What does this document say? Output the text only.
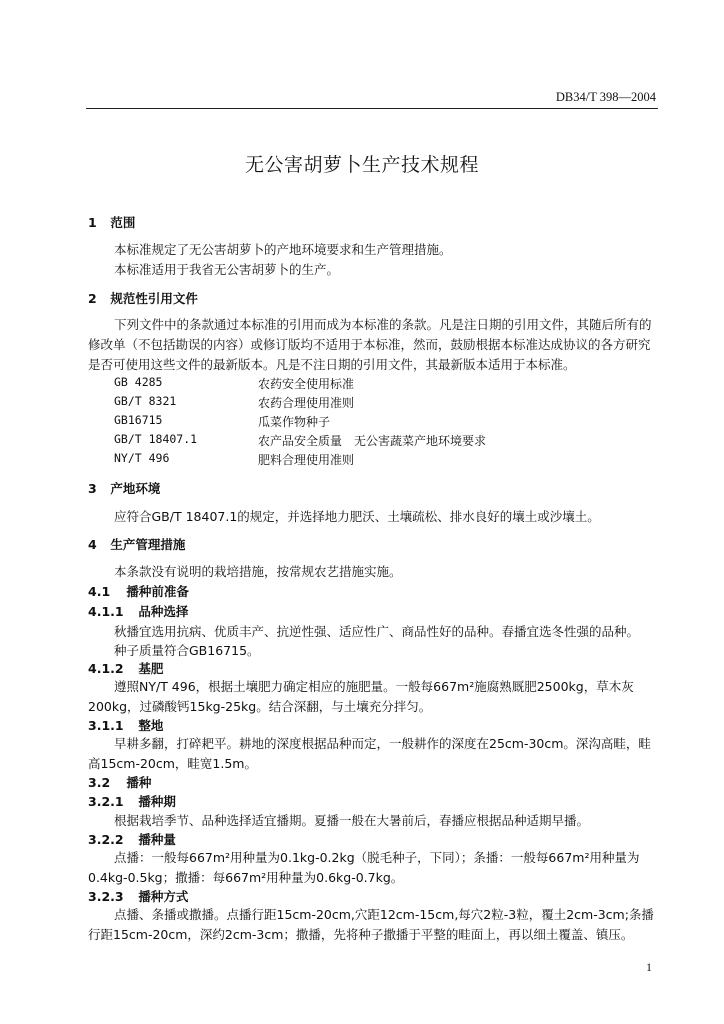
DB34/T 398—2004
无公害胡萝卜生产技术规程
1 范围
本标准规定了无公害胡萝卜的产地环境要求和生产管理措施。
本标准适用于我省无公害胡萝卜的生产。
2 规范性引用文件
下列文件中的条款通过本标准的引用而成为本标准的条款。凡是注日期的引用文件，其随后所有的修改单（不包括勘误的内容）或修订版均不适用于本标准，然而，鼓励根据本标准达成协议的各方研究是否可使用这些文件的最新版本。凡是不注日期的引用文件，其最新版本适用于本标准。
GB 4285	农药安全使用标准
GB/T 8321	农药合理使用准则
GB16715	瓜菜作物种子
GB/T 18407.1	农产品安全质量　无公害蔬菜产地环境要求
NY/T 496	肥料合理使用准则
3 产地环境
应符合GB/T 18407.1的规定，并选择地力肥沃、土壤疏松、排水良好的壤土或沙壤土。
4 生产管理措施
本条款没有说明的栽培措施，按常规农艺措施实施。
4.1 播种前准备
4.1.1 品种选择
秋播宜选用抗病、优质丰产、抗逆性强、适应性广、商品性好的品种。春播宜选冬性强的品种。
种子质量符合GB16715。
4.1.2 基肥
遵照NY/T 496，根据土壤肥力确定相应的施肥量。一般每667m²施腐熟厩肥2500kg，草木灰200kg，过磷酸钙15kg-25kg。结合深翻，与土壤充分拌匀。
3.1.1 整地
早耕多翻，打碎耙平。耕地的深度根据品种而定，一般耕作的深度在25cm-30cm。深沟高畦，畦高15cm-20cm，畦宽1.5m。
3.2 播种
3.2.1 播种期
根据栽培季节、品种选择适宜播期。夏播一般在大暑前后，春播应根据品种适期早播。
3.2.2 播种量
点播：一般每667m²用种量为0.1kg-0.2kg（脱毛种子，下同）；条播：一般每667m²用种量为0.4kg-0.5kg；撒播：每667m²用种量为0.6kg-0.7kg。
3.2.3 播种方式
点播、条播或撒播。点播行距15cm-20cm,穴距12cm-15cm,每穴2粒-3粒，覆土2cm-3cm;条播行距15cm-20cm，深约2cm-3cm；撒播，先将种子撒播于平整的畦面上，再以细土覆盖、镇压。
1
